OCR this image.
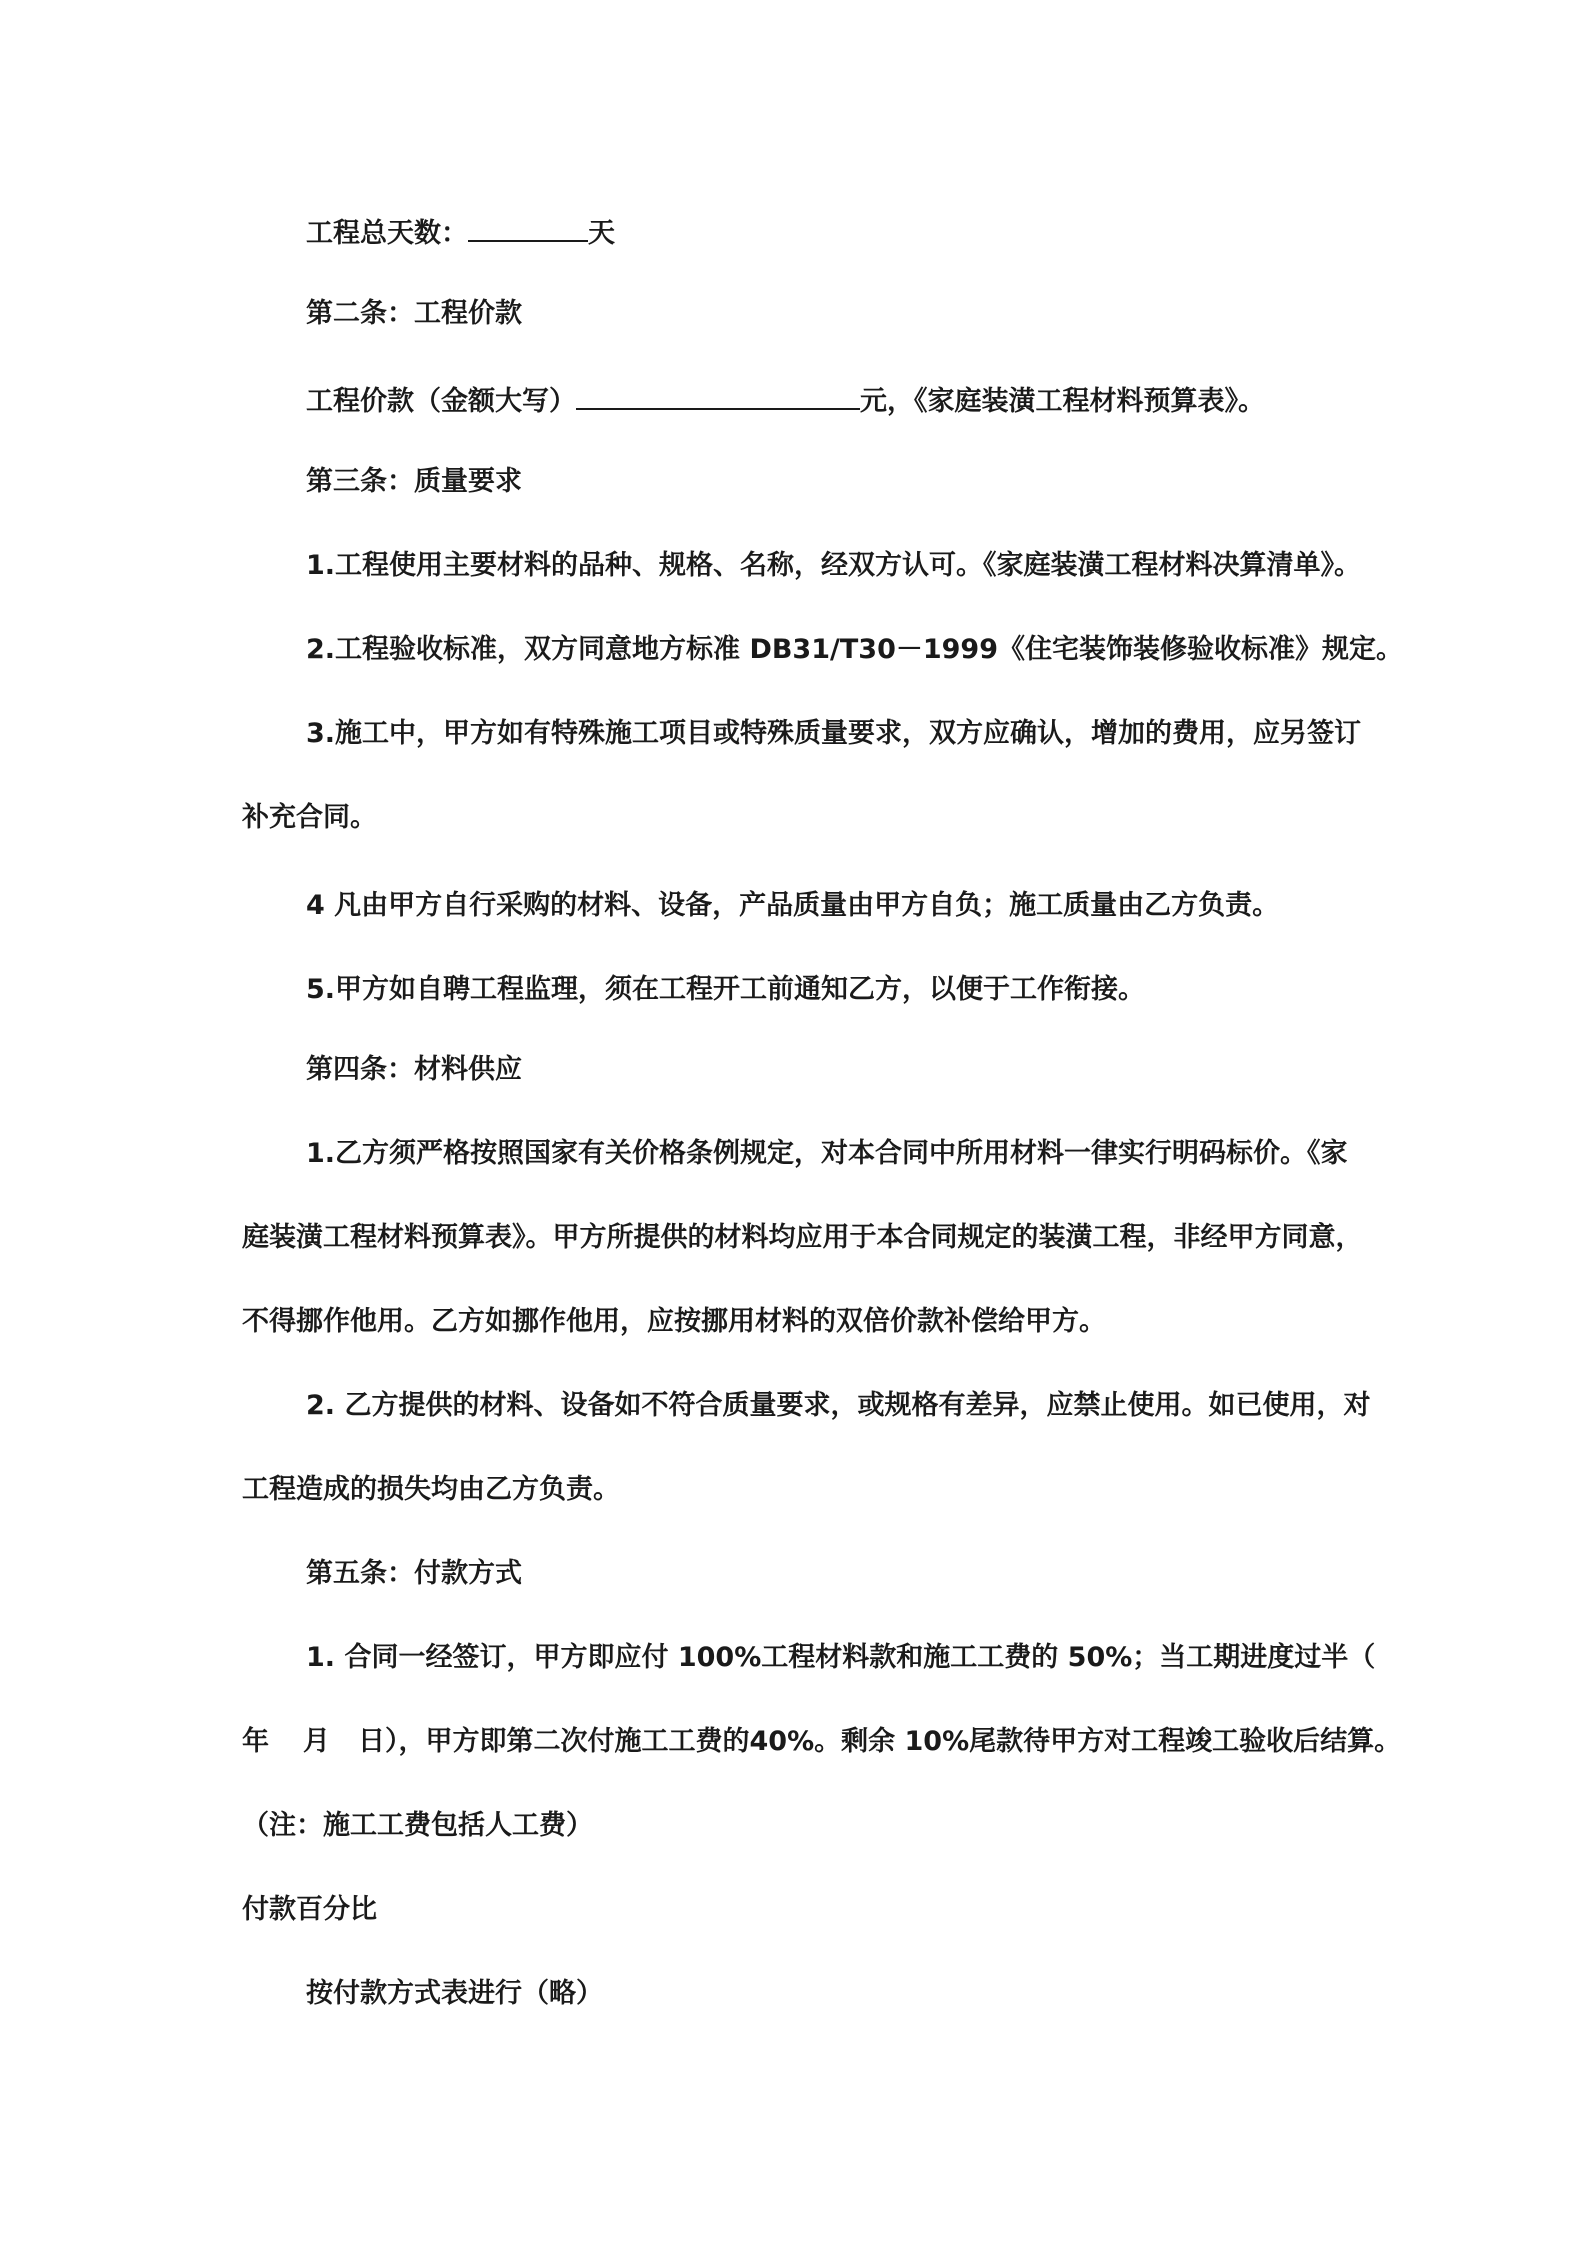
工程总天数：	天
第二条：工程价款
工程价款（金额大写）	元，《家庭装潢工程材料预算表》。
第三条：质量要求
1.工程使用主要材料的品种、规格、名称，经双方认可。《家庭装潢工程材料决算清单》。
2.工程验收标准，双方同意地方标准 DB31/T30－1999《住宅装饰装修验收标准》规定。
3.施工中，甲方如有特殊施工项目或特殊质量要求，双方应确认，增加的费用，应另签订
补充合同。
4 凡由甲方自行采购的材料、设备，产品质量由甲方自负；施工质量由乙方负责。
5.甲方如自聘工程监理，须在工程开工前通知乙方，以便于工作衔接。
第四条：材料供应
1.乙方须严格按照国家有关价格条例规定，对本合同中所用材料一律实行明码标价。《家
庭装潢工程材料预算表》。甲方所提供的材料均应用于本合同规定的装潢工程，非经甲方同意，
不得挪作他用。乙方如挪作他用，应按挪用材料的双倍价款补偿给甲方。
2. 乙方提供的材料、设备如不符合质量要求，或规格有差异，应禁止使用。如已使用，对
工程造成的损失均由乙方负责。
第五条：付款方式
1. 合同一经签订，甲方即应付 100%工程材料款和施工工费的 50%；当工期进度过半（
年 月 日），甲方即第二次付施工工费的40%。剩余 10%尾款待甲方对工程竣工验收后结算。
（注：施工工费包括人工费）
付款百分比
按付款方式表进行（略）
